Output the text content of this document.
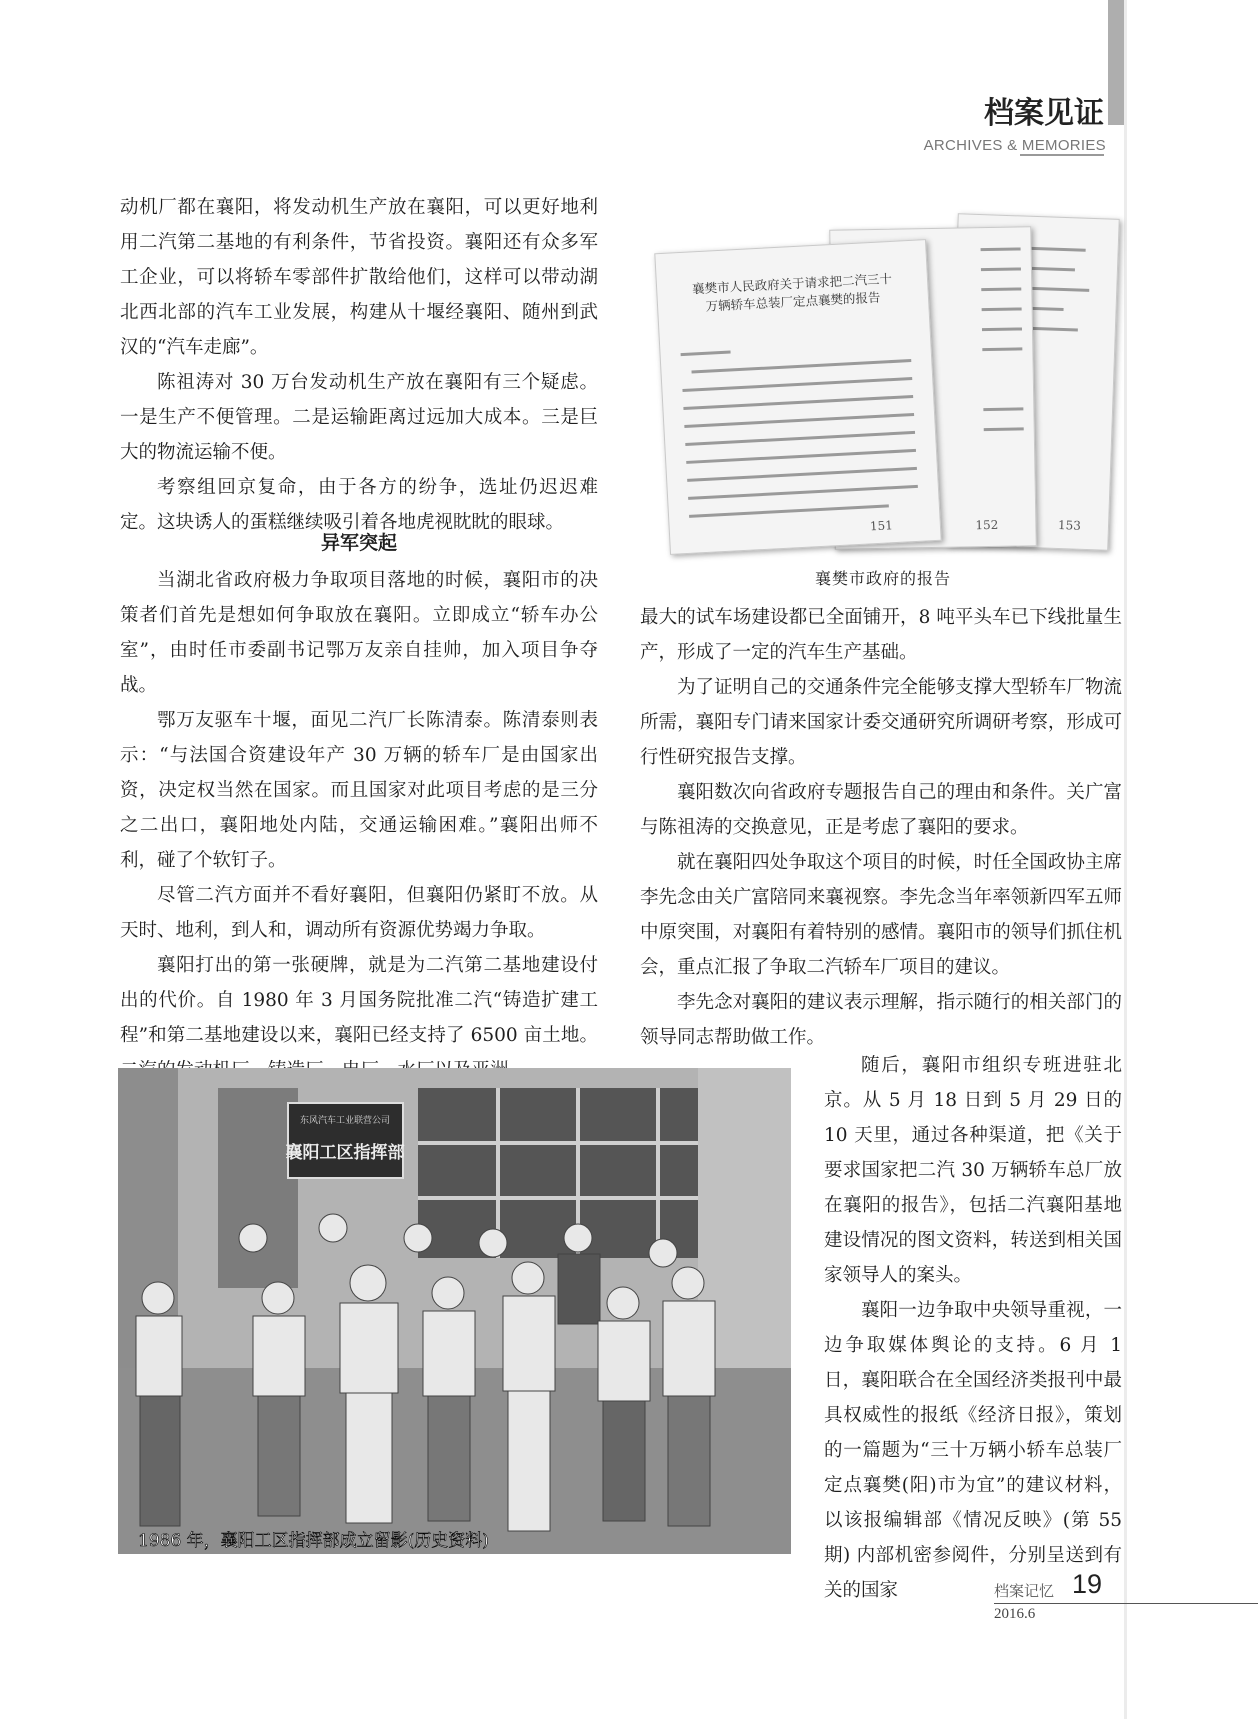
档案见证
ARCHIVES & MEMORIES

动机厂都在襄阳，将发动机生产放在襄阳，可以更好地利用二汽第二基地的有利条件，节省投资。襄阳还有众多军工企业，可以将轿车零部件扩散给他们，这样可以带动湖北西北部的汽车工业发展，构建从十堰经襄阳、随州到武汉的“汽车走廊”。

陈祖涛对 30 万台发动机生产放在襄阳有三个疑虑。一是生产不便管理。二是运输距离过远加大成本。三是巨大的物流运输不便。

考察组回京复命，由于各方的纷争，选址仍迟迟难定。这块诱人的蛋糕继续吸引着各地虎视眈眈的眼球。

异军突起

当湖北省政府极力争取项目落地的时候，襄阳市的决策者们首先是想如何争取放在襄阳。立即成立“轿车办公室”，由时任市委副书记鄂万友亲自挂帅，加入项目争夺战。

鄂万友驱车十堰，面见二汽厂长陈清泰。陈清泰则表示：“与法国合资建设年产 30 万辆的轿车厂是由国家出资，决定权当然在国家。而且国家对此项目考虑的是三分之二出口，襄阳地处内陆，交通运输困难。”襄阳出师不利，碰了个软钉子。

尽管二汽方面并不看好襄阳，但襄阳仍紧盯不放。从天时、地利，到人和，调动所有资源优势竭力争取。

襄阳打出的第一张硬牌，就是为二汽第二基地建设付出的代价。自 1980 年 3 月国务院批准二汽“铸造扩建工程”和第二基地建设以来，襄阳已经支持了 6500 亩土地。

153
152
襄樊市人民政府关于请求把二汽三十万辆轿车总装厂定点襄樊的报告
151
襄樊市政府的报告

最大的试车场建设都已全面铺开，8 吨平头车已下线批量生产，形成了一定的汽车生产基础。

为了证明自己的交通条件完全能够支撑大型轿车厂物流所需，襄阳专门请来国家计委交通研究所调研考察，形成可行性研究报告支撑。

襄阳数次向省政府专题报告自己的理由和条件。关广富与陈祖涛的交换意见，正是考虑了襄阳的要求。

就在襄阳四处争取这个项目的时候，时任全国政协主席李先念由关广富陪同来襄视察。李先念当年率领新四军五师中原突围，对襄阳有着特别的感情。襄阳市的领导们抓住机会，重点汇报了争取二汽轿车厂项目的建议。

李先念对襄阳的建议表示理解，指示随行的相关部门的领导同志帮助做工作。

随后，襄阳市组织专班进驻北京。从 5 月 18 日到 5 月 29 日的 10 天里，通过各种渠道，把《关于要求国家把二汽 30 万辆轿车总厂放在襄阳的报告》，包括二汽襄阳基地建设情况的图文资料，转送到相关国家领导人的案头。

襄阳一边争取中央领导重视，一边争取媒体舆论的支持。6 月 1 日，襄阳联合在全国经济类报刊中最具权威性的报纸《经济日报》，策划的一篇题为“三十万辆小轿车总装厂定点襄樊(阳)市为宜”的建议材料，以该报编辑部《情况反映》(第 55 期) 内部机密参阅件，分别呈送到有关的国家

东风汽车工业联营公司
襄阳工区指挥部
1986 年，襄阳工区指挥部成立留影(历史资料)
档案记忆 19
2016.6
